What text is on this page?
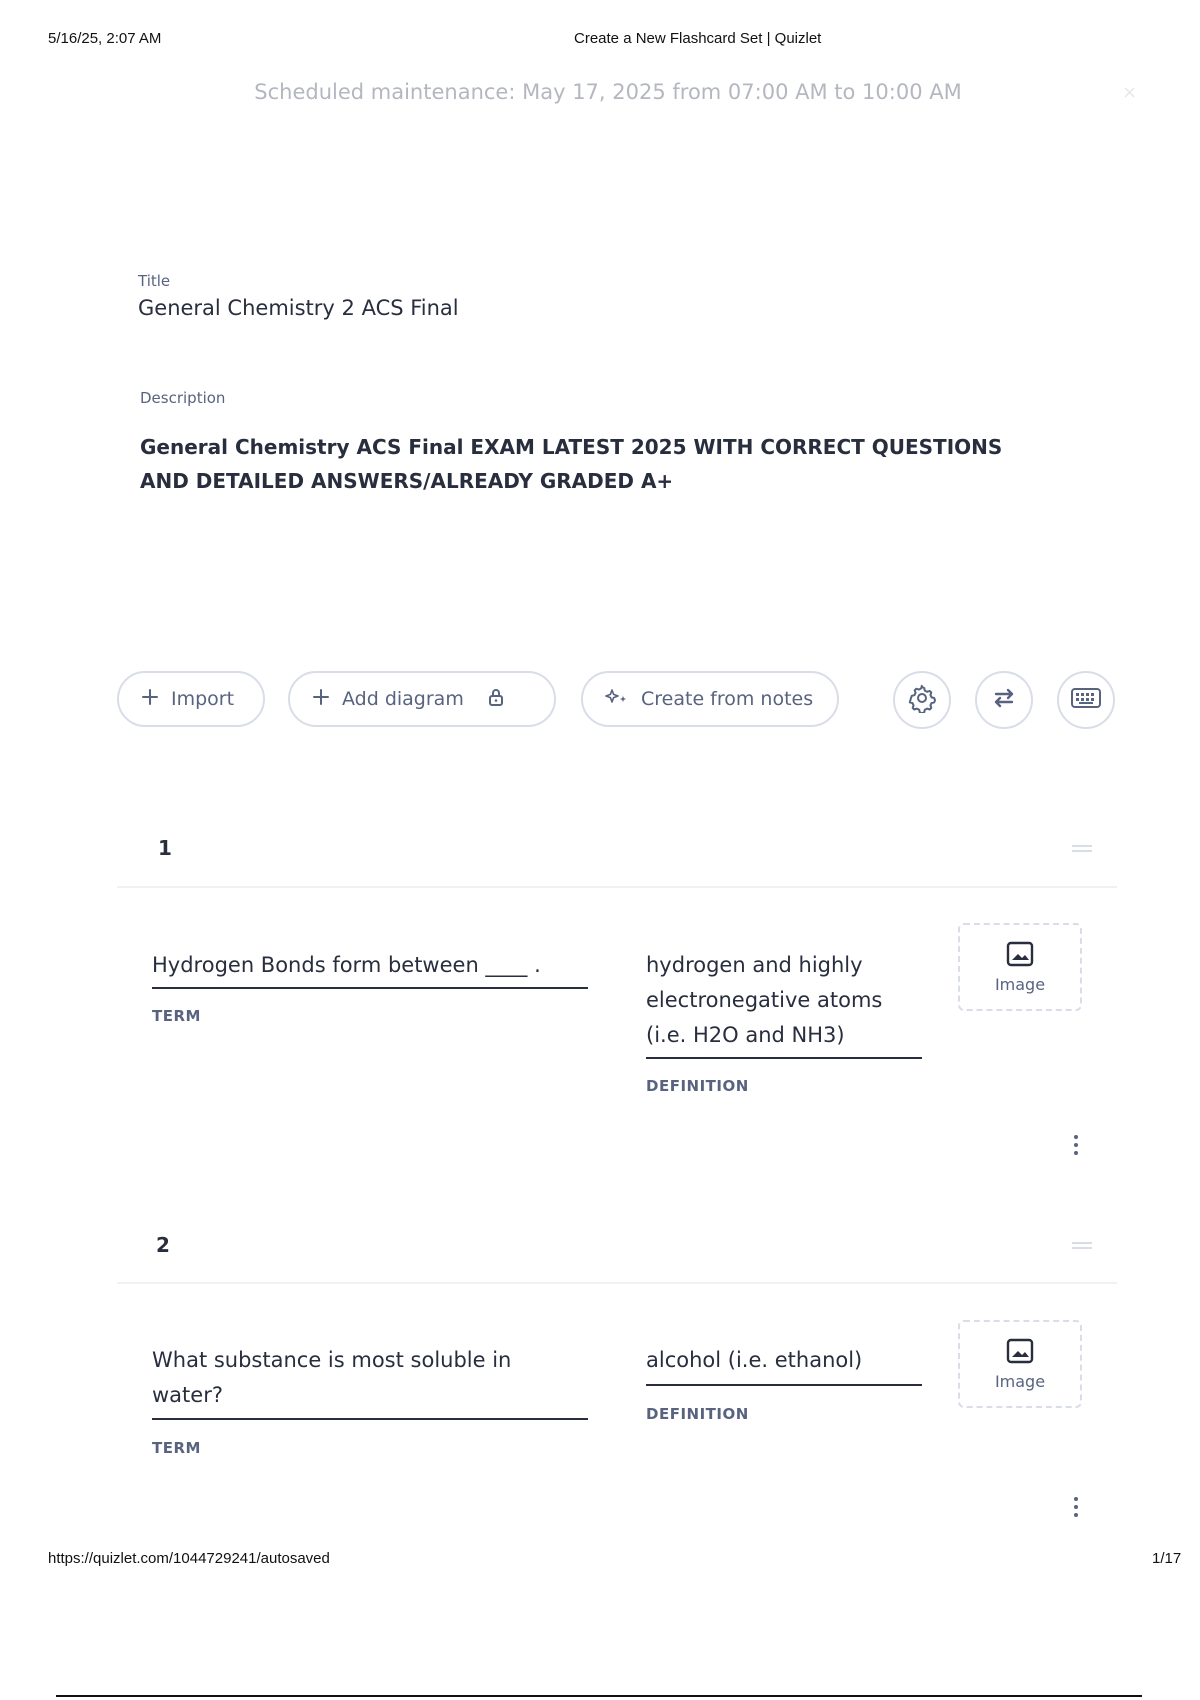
5/16/25, 2:07 AM	Create a New Flashcard Set | Quizlet
Scheduled maintenance: May 17, 2025 from 07:00 AM to 10:00 AM	×
Title
General Chemistry 2 ACS Final
Description
General Chemistry ACS Final EXAM LATEST 2025 WITH CORRECT QUESTIONS AND DETAILED ANSWERS/ALREADY GRADED A+
Import	Add diagram	Create from notes
1
Hydrogen Bonds form between ____ .
TERM
hydrogen and highly
electronegative atoms
(i.e. H2O and NH3)
DEFINITION
Image
2
What substance is most soluble in
water?
TERM
alcohol (i.e. ethanol)
DEFINITION
Image
https://quizlet.com/1044729241/autosaved	1/17
